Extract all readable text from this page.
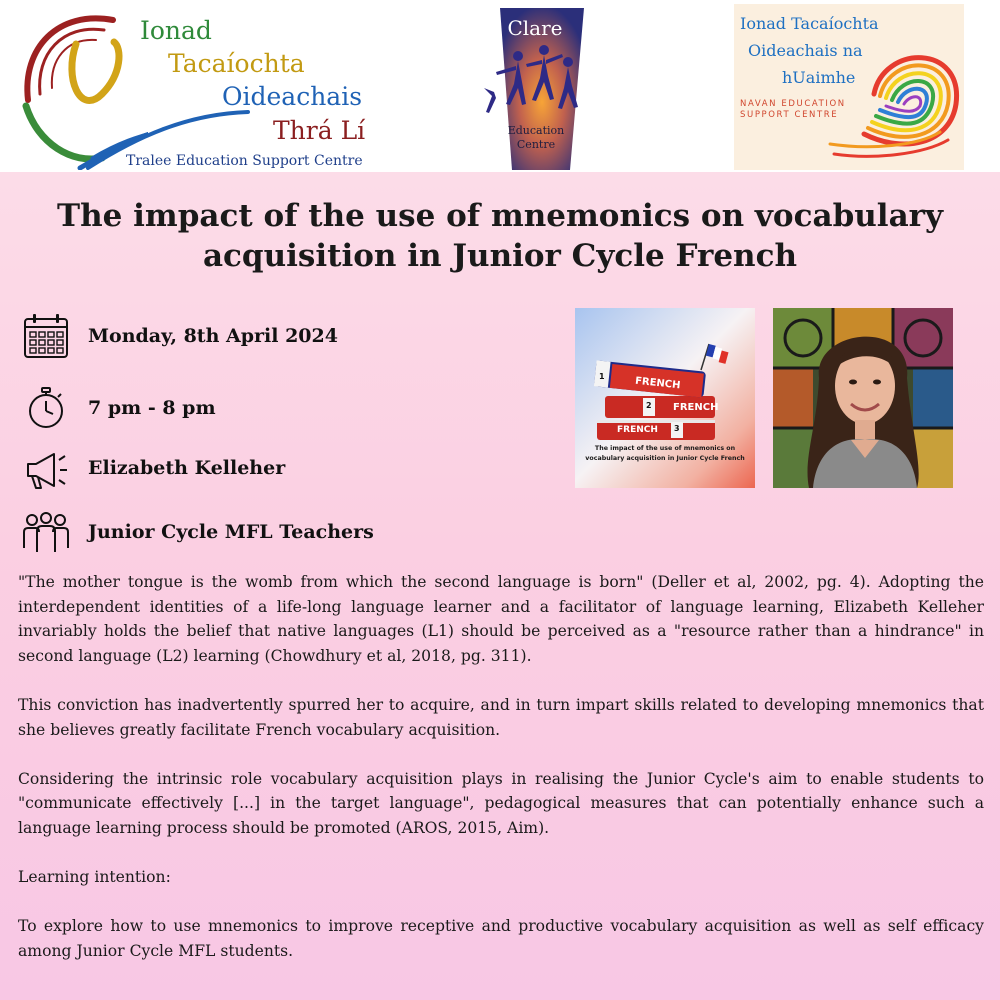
Ionad
Tacaíochta
Oideachais
Thrá Lí
Tralee Education Support Centre
Clare
Education
Centre
Ionad Tacaíochta
Oideachais na
hUaimhe
NAVAN EDUCATION
SUPPORT CENTRE
The impact of the use of mnemonics on vocabulary acquisition in Junior Cycle French
Monday, 8th April 2024
7 pm - 8 pm
Elizabeth Kelleher
Junior Cycle MFL Teachers
1	FRENCH
2 FRENCH
FRENCH 3
The impact of the use of mnemonics on vocabulary acquisition in Junior Cycle French

"The mother tongue is the womb from which the second language is born" (Deller et al, 2002, pg. 4). Adopting the interdependent identities of a life-long language learner and a facilitator of language learning, Elizabeth Kelleher invariably holds the belief that native languages (L1) should be perceived as a "resource rather than a hindrance" in second language (L2) learning (Chowdhury et al, 2018, pg. 311).

This conviction has inadvertently spurred her to acquire, and in turn impart skills related to developing mnemonics that she believes greatly facilitate French vocabulary acquisition.

Considering the intrinsic role vocabulary acquisition plays in realising the Junior Cycle's aim to enable students to "communicate effectively [...] in the target language", pedagogical measures that can potentially enhance such a language learning process should be promoted (AROS, 2015, Aim).

Learning intention:

To explore how to use mnemonics to improve receptive and productive vocabulary acquisition as well as self efficacy among Junior Cycle MFL students.
